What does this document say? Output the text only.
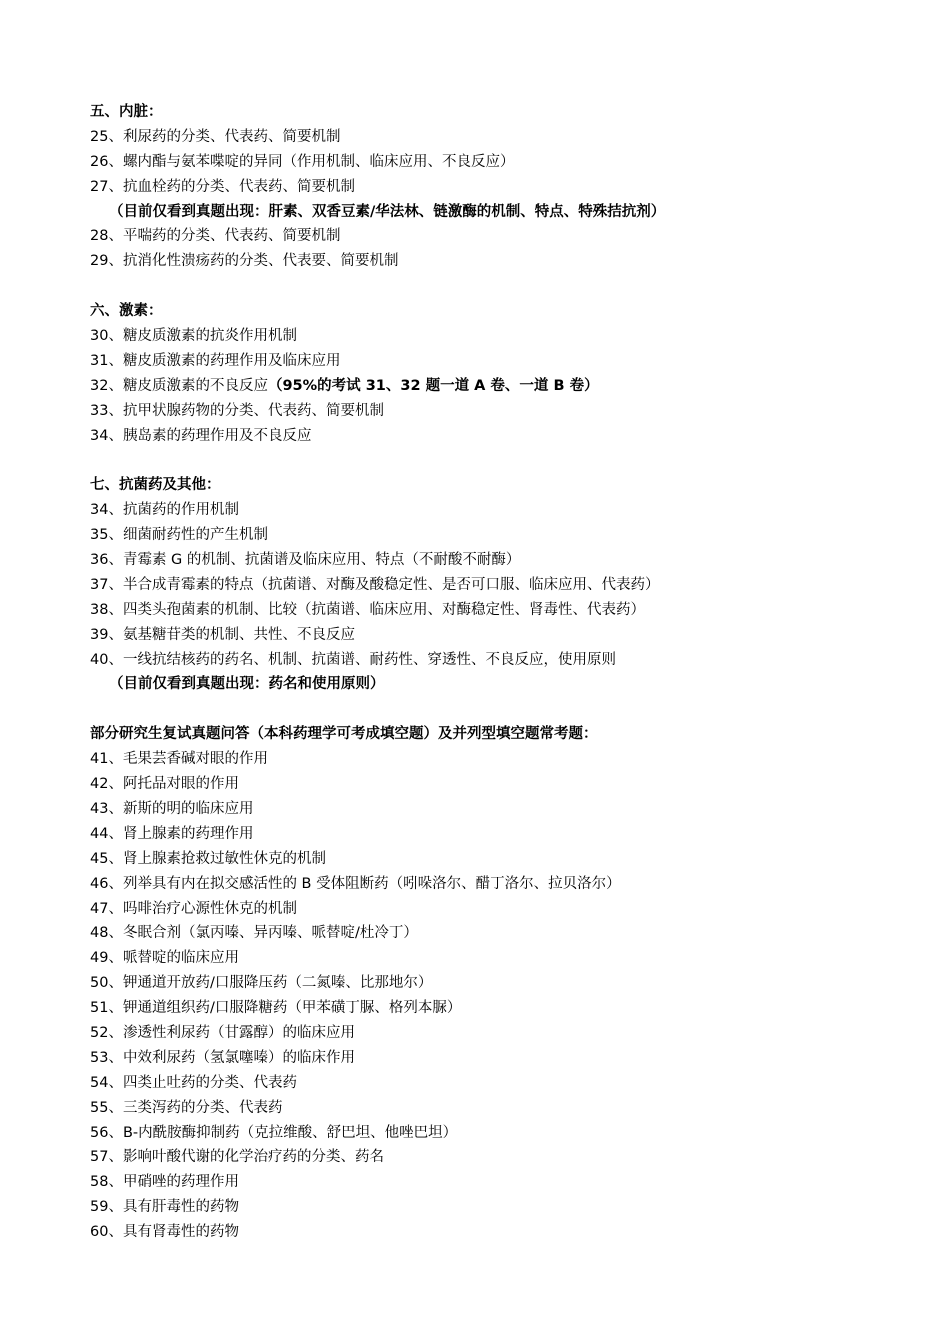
五、内脏：
25、利尿药的分类、代表药、简要机制
26、螺内酯与氨苯喋啶的异同（作用机制、临床应用、不良反应）
27、抗血栓药的分类、代表药、简要机制
（目前仅看到真题出现：肝素、双香豆素/华法林、链激酶的机制、特点、特殊拮抗剂）
28、平喘药的分类、代表药、简要机制
29、抗消化性溃疡药的分类、代表要、简要机制
六、激素：
30、糖皮质激素的抗炎作用机制
31、糖皮质激素的药理作用及临床应用
32、糖皮质激素的不良反应（95%的考试 31、32 题一道 A 卷、一道 B 卷）
33、抗甲状腺药物的分类、代表药、简要机制
34、胰岛素的药理作用及不良反应
七、抗菌药及其他：
34、抗菌药的作用机制
35、细菌耐药性的产生机制
36、青霉素 G 的机制、抗菌谱及临床应用、特点（不耐酸不耐酶）
37、半合成青霉素的特点（抗菌谱、对酶及酸稳定性、是否可口服、临床应用、代表药）
38、四类头孢菌素的机制、比较（抗菌谱、临床应用、对酶稳定性、肾毒性、代表药）
39、氨基糖苷类的机制、共性、不良反应
40、一线抗结核药的药名、机制、抗菌谱、耐药性、穿透性、不良反应，使用原则
（目前仅看到真题出现：药名和使用原则）
部分研究生复试真题问答（本科药理学可考成填空题）及并列型填空题常考题：
41、毛果芸香碱对眼的作用
42、阿托品对眼的作用
43、新斯的明的临床应用
44、肾上腺素的药理作用
45、肾上腺素抢救过敏性休克的机制
46、列举具有内在拟交感活性的 B 受体阻断药（吲哚洛尔、醋丁洛尔、拉贝洛尔）
47、吗啡治疗心源性休克的机制
48、冬眠合剂（氯丙嗪、异丙嗪、哌替啶/杜冷丁）
49、哌替啶的临床应用
50、钾通道开放药/口服降压药（二氮嗪、比那地尔）
51、钾通道组织药/口服降糖药（甲苯磺丁脲、格列本脲）
52、渗透性利尿药（甘露醇）的临床应用
53、中效利尿药（氢氯噻嗪）的临床作用
54、四类止吐药的分类、代表药
55、三类泻药的分类、代表药
56、B-内酰胺酶抑制药（克拉维酸、舒巴坦、他唑巴坦）
57、影响叶酸代谢的化学治疗药的分类、药名
58、甲硝唑的药理作用
59、具有肝毒性的药物
60、具有肾毒性的药物
